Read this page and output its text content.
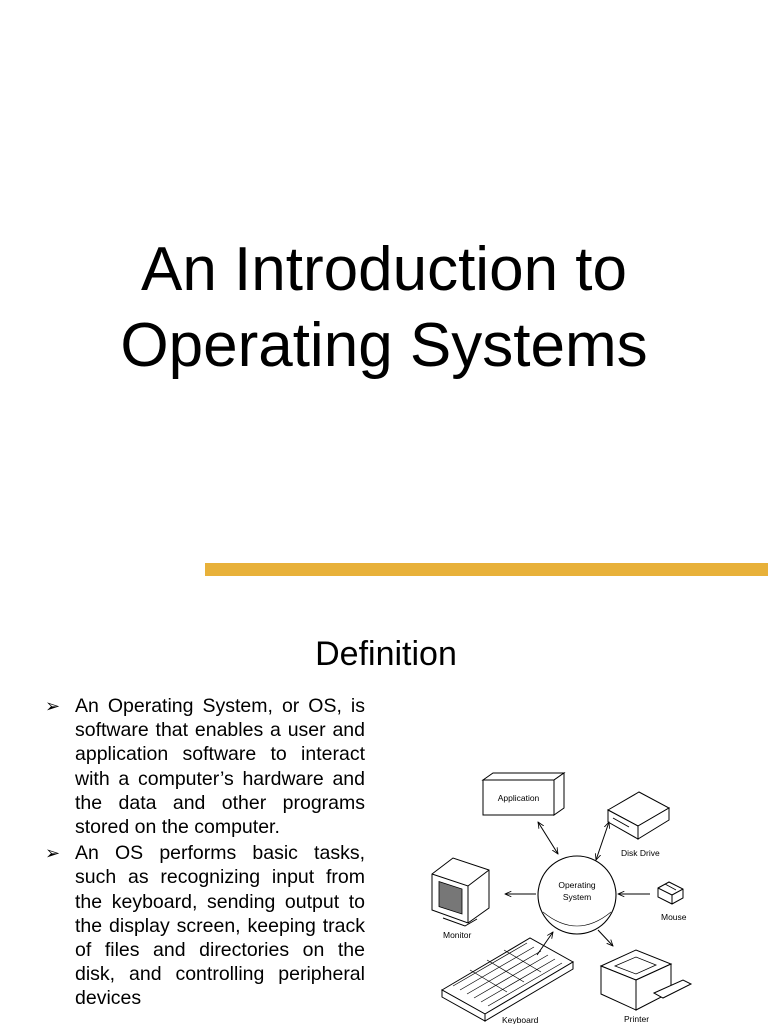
An Introduction to
Operating Systems
Definition
➢ An Operating System, or OS, is software that enables a user and application software to interact with a computer’s hardware and the data and other programs stored on the computer.
➢ An OS performs basic tasks, such as recognizing input from the keyboard, sending output to the display screen, keeping track of files and directories on the disk, and controlling peripheral devices
Application
Disk Drive
Operating
System
Monitor
Mouse
Keyboard	Printer
